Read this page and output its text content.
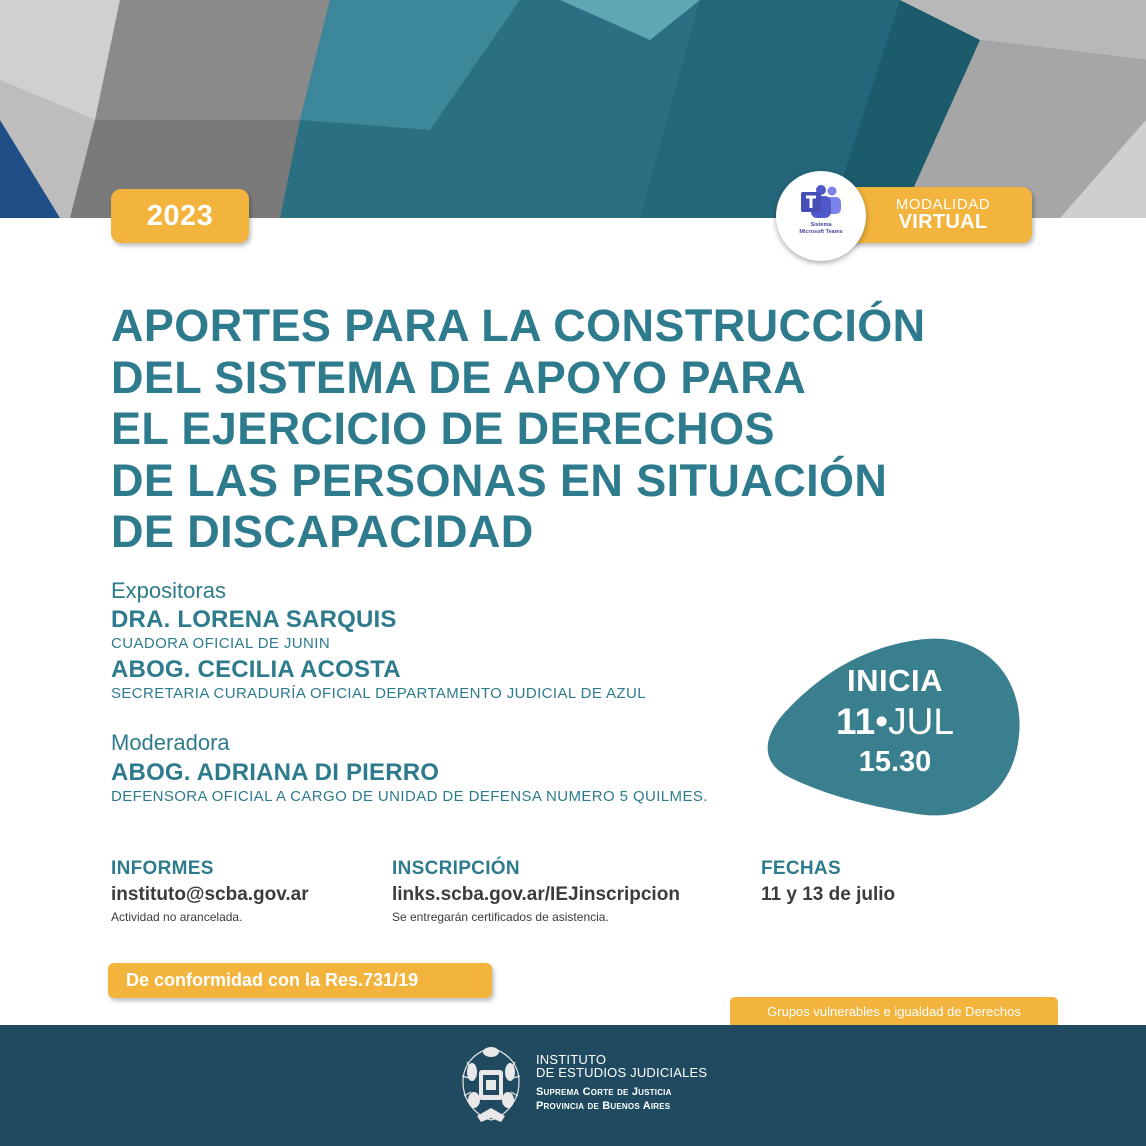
2023	MODALIDAD
VIRTUAL
Sistema
Microsoft Teams
APORTES PARA LA CONSTRUCCIÓN
DEL SISTEMA DE APOYO PARA
EL EJERCICIO DE DERECHOS
DE LAS PERSONAS EN SITUACIÓN
DE DISCAPACIDAD
Expositoras
DRA. LORENA SARQUIS
CUADORA OFICIAL DE JUNIN
ABOG. CECILIA ACOSTA
SECRETARIA CURADURÍA OFICIAL DEPARTAMENTO JUDICIAL DE AZUL
Moderadora
ABOG. ADRIANA DI PIERRO
DEFENSORA OFICIAL A CARGO DE UNIDAD DE DEFENSA NUMERO 5 QUILMES.
INICIA
11•JUL
15.30
INFORMES
instituto@scba.gov.ar
Actividad no arancelada.
INSCRIPCIÓN
links.scba.gov.ar/IEJinscripcion
Se entregarán certificados de asistencia.
FECHAS
11 y 13 de julio
De conformidad con la Res.731/19
Grupos vulnerables e igualdad de Derechos
INSTITUTO
DE ESTUDIOS JUDICIALES
Suprema Corte de Justicia
Provincia de Buenos Aires
